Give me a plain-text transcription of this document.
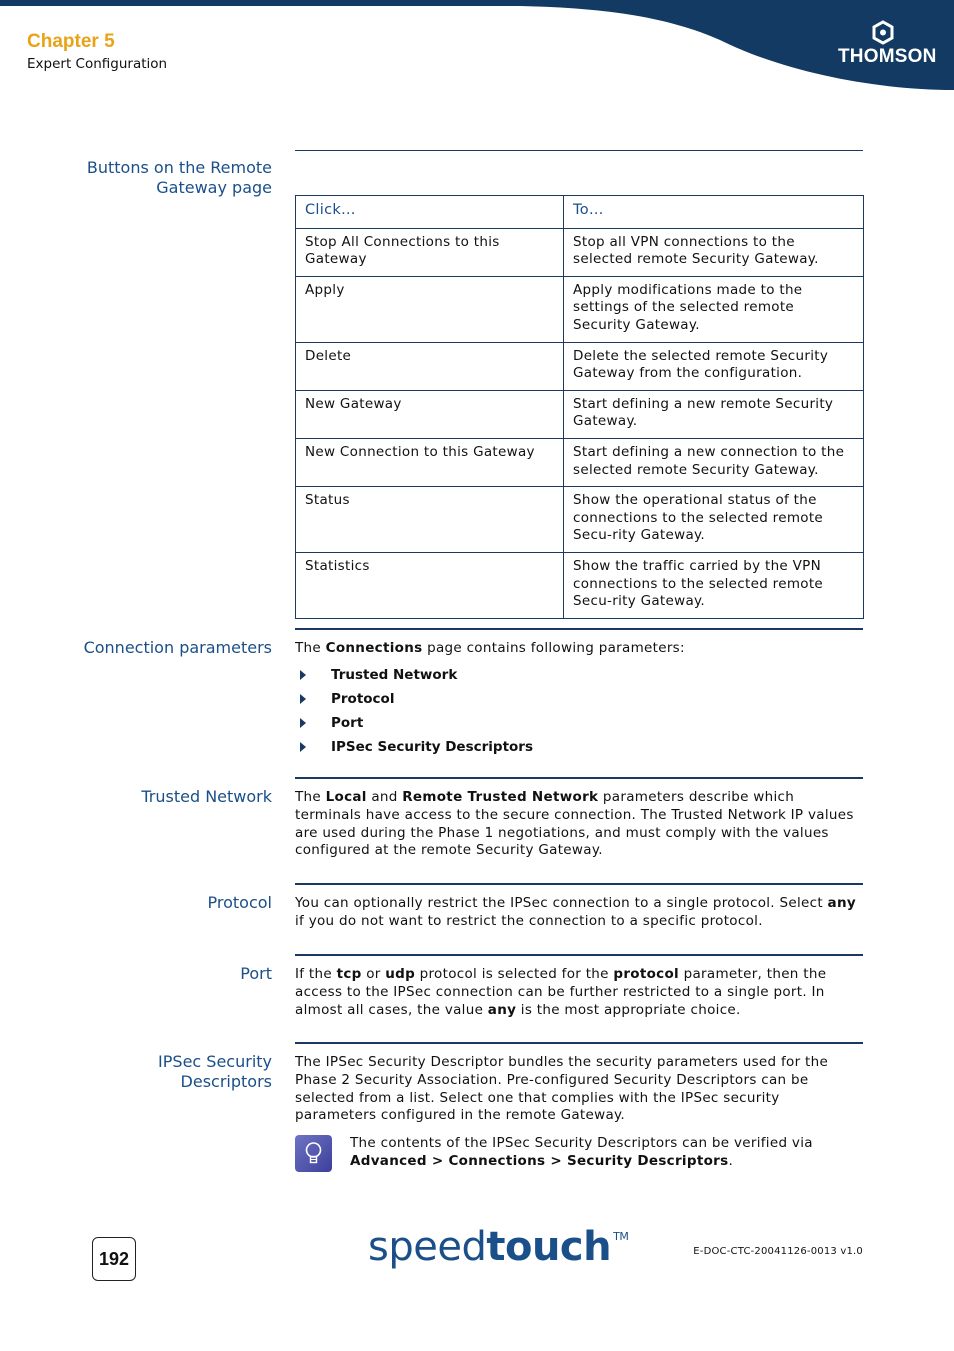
Chapter 5
Expert Configuration	THOMSON
Buttons on the Remote
Gateway page
Click…	To…
Stop All Connections to this Gateway	Stop all VPN connections to the selected remote Security Gateway.
Apply	Apply modifications made to the settings of the selected remote Security Gateway.
Delete	Delete the selected remote Security Gateway from the configuration.
New Gateway	Start defining a new remote Security Gateway.
New Connection to this Gateway	Start defining a new connection to the selected remote Security Gateway.
Status	Show the operational status of the connections to the selected remote Secu-rity Gateway.
Statistics	Show the traffic carried by the VPN connections to the selected remote Secu-rity Gateway.
Connection parameters The Connections page contains following parameters:
Trusted Network
Protocol
Port
IPSec Security Descriptors
Trusted Network The Local and Remote Trusted Network parameters describe which terminals have access to the secure connection. The Trusted Network IP values are used during the Phase 1 negotiations, and must comply with the values configured at the remote Security Gateway.
Protocol You can optionally restrict the IPSec connection to a single protocol. Select any if you do not want to restrict the connection to a specific protocol.
Port If the tcp or udp protocol is selected for the protocol parameter, then the access to the IPSec connection can be further restricted to a single port. In almost all cases, the value any is the most appropriate choice.
IPSec Security
Descriptors
The IPSec Security Descriptor bundles the security parameters used for the Phase 2 Security Association. Pre-configured Security Descriptors can be selected from a list. Select one that complies with the IPSec security parameters configured in the remote Gateway.
The contents of the IPSec Security Descriptors can be verified via Advanced > Connections > Security Descriptors.
192	speedtouch ™
E-DOC-CTC-20041126-0013 v1.0
